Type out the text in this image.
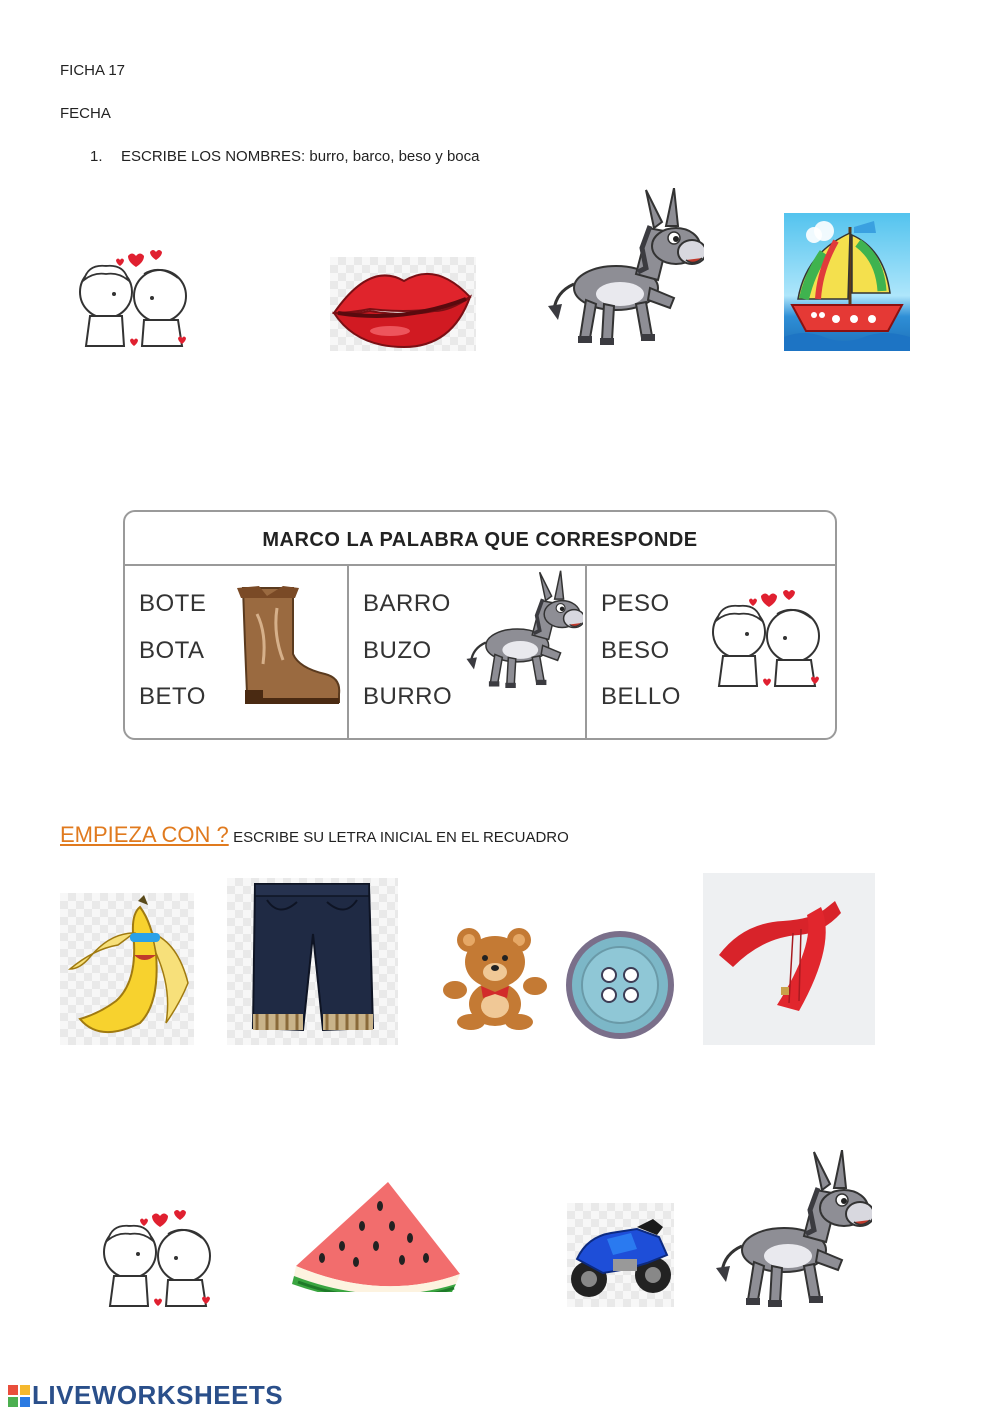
FICHA 17
FECHA
1. ESCRIBE LOS NOMBRES: burro, barco, beso y boca
MARCO LA PALABRA QUE CORRESPONDE
BOTE
BOTA
BETO
BARRO
BUZO
BURRO
PESO
BESO
BELLO
EMPIEZA CON ? ESCRIBE SU LETRA INICIAL EN EL RECUADRO
LIVEWORKSHEETS
